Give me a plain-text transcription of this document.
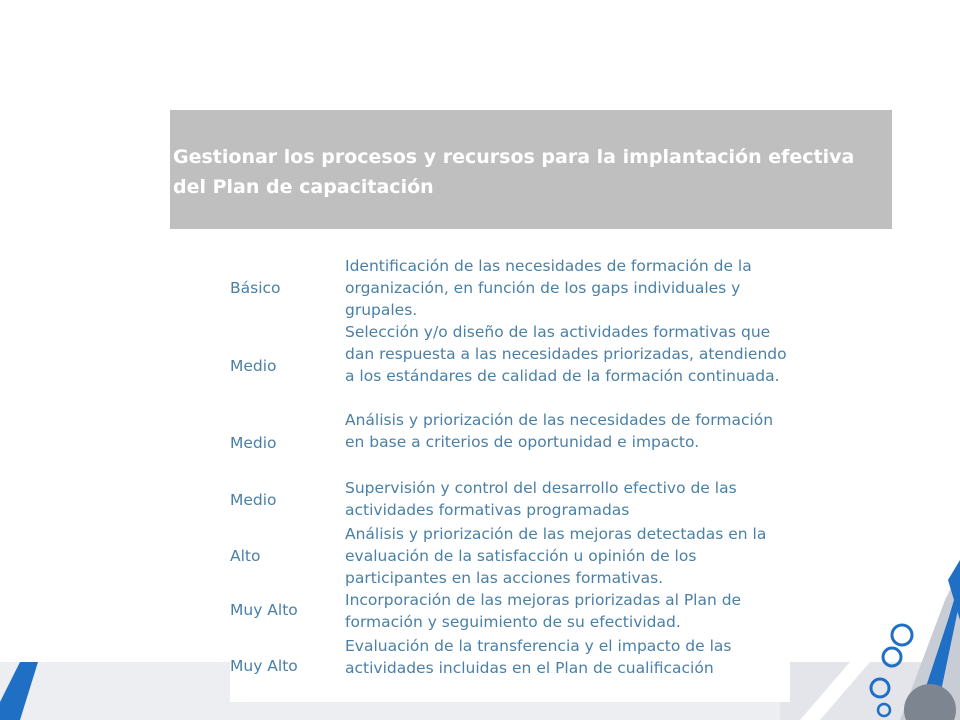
Gestionar los procesos y recursos para la implantación efectiva del Plan de capacitación

Básico
Identificación de las necesidades de formación de la organización, en función de los gaps individuales y grupales.
Medio
Selección y/o diseño de las actividades formativas que dan respuesta a las necesidades priorizadas, atendiendo a los estándares de calidad de la formación continuada.
Medio
Análisis y priorización de las necesidades de formación en base a criterios de oportunidad e impacto.
Medio
Supervisión y control del desarrollo efectivo de las actividades formativas programadas
Alto
Análisis y priorización de las mejoras detectadas en la evaluación de la satisfacción u opinión de los participantes en las acciones formativas.
Muy Alto
Incorporación de las mejoras priorizadas al Plan de formación y seguimiento de su efectividad.
Muy Alto
Evaluación de la transferencia y el impacto de las actividades incluidas en el Plan de cualificación
